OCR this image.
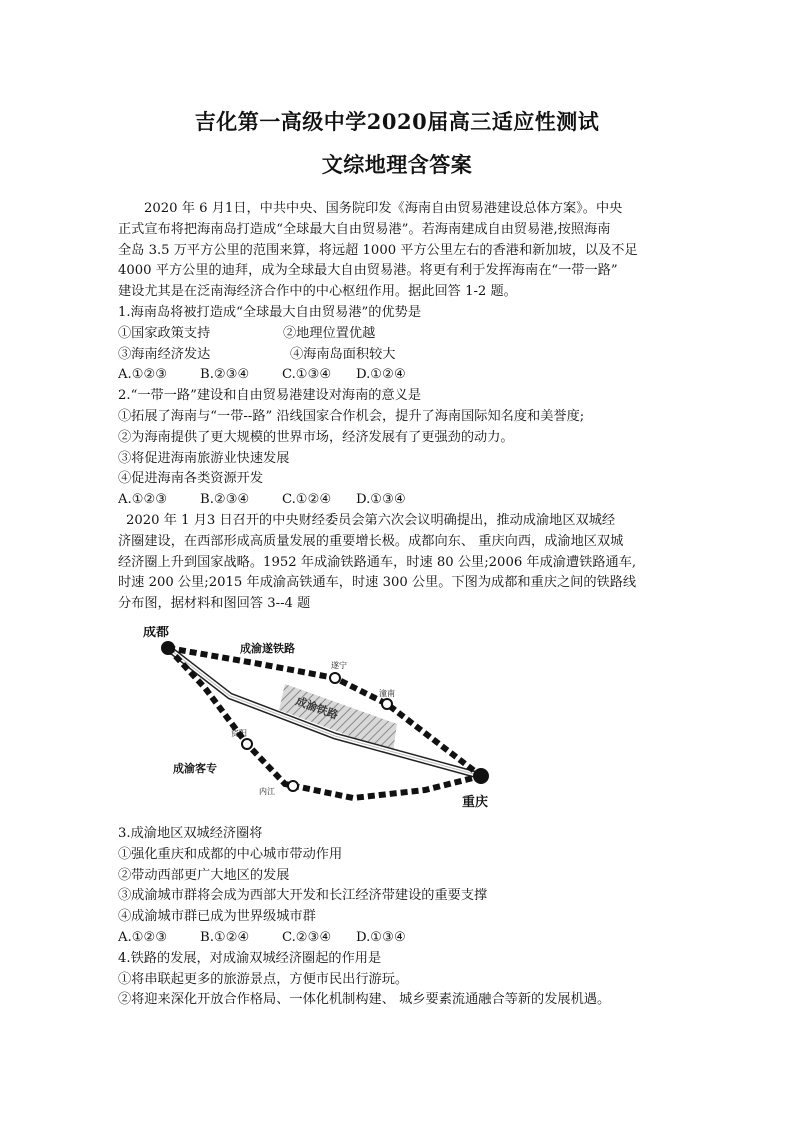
吉化第一高级中学2020届高三适应性测试
文综地理含答案
2020 年 6 月1日，中共中央、国务院印发《海南自由贸易港建设总体方案》。中央
正式宣布将把海南岛打造成“全球最大自由贸易港”。若海南建成自由贸易港,按照海南
全岛 3.5 万平方公里的范围来算，将远超 1000 平方公里左右的香港和新加坡，以及不足
4000 平方公里的迪拜，成为全球最大自由贸易港。将更有利于发挥海南在“一带一路”
建设尤其是在泛南海经济合作中的中心枢纽作用。据此回答 1-2 题。
1.海南岛将被打造成“全球最大自由贸易港”的优势是
①国家政策支持	②地理位置优越
③海南经济发达	④海南岛面积较大
A.①②③ B.②③④ C.①③④ D.①②④
2.“一带一路”建设和自由贸易港建设对海南的意义是
①拓展了海南与“一带--路” 沿线国家合作机会，提升了海南国际知名度和美誉度;
②为海南提供了更大规模的世界市场，经济发展有了更强劲的动力。
③将促进海南旅游业快速发展
④促进海南各类资源开发
A.①②③ B.②③④ C.①②④ D.①③④
2020 年 1 月3 日召开的中央财经委员会第六次会议明确提出，推动成渝地区双城经
济圈建设，在西部形成高质量发展的重要增长极。成都向东、 重庆向西，成渝地区双城
经济圈上升到国家战略。1952 年成渝铁路通车，时速 80 公里;2006 年成渝遭铁路通车,
时速 200 公里;2015 年成渝高铁通车，时速 300 公里。下图为成都和重庆之间的铁路线
分布图，据材料和图回答 3--4 题
成都
重庆
成渝遂铁路
成渝客专
成渝铁路
遂宁
潼南
资阳
内江
3.成渝地区双城经济圈将
①强化重庆和成都的中心城市带动作用
②带动西部更广大地区的发展
③成渝城市群将会成为西部大开发和长江经济带建设的重要支撑
④成渝城市群已成为世界级城市群
A.①②③ B.①②④ C.②③④ D.①③④
4.铁路的发展，对成渝双城经济圈起的作用是
①将串联起更多的旅游景点，方便市民出行游玩。
②将迎来深化开放合作格局、一体化机制构建、 城乡要素流通融合等新的发展机遇。
